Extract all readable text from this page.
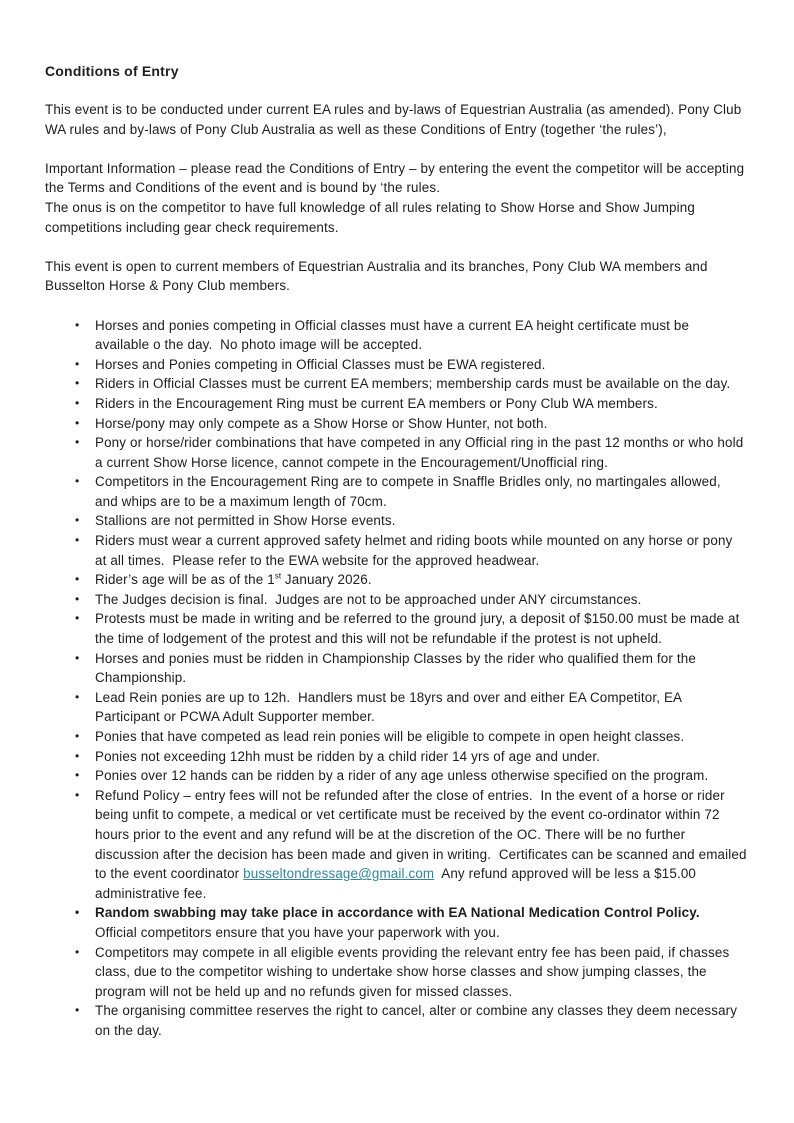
Conditions of Entry

This event is to be conducted under current EA rules and by-laws of Equestrian Australia (as amended). Pony Club WA rules and by-laws of Pony Club Australia as well as these Conditions of Entry (together ‘the rules’),

Important Information – please read the Conditions of Entry – by entering the event the competitor will be accepting the Terms and Conditions of the event and is bound by ‘the rules.
The onus is on the competitor to have full knowledge of all rules relating to Show Horse and Show Jumping competitions including gear check requirements.

This event is open to current members of Equestrian Australia and its branches, Pony Club WA members and Busselton Horse & Pony Club members.

• Horses and ponies competing in Official classes must have a current EA height certificate must be available o the day.  No photo image will be accepted.
• Horses and Ponies competing in Official Classes must be EWA registered.
• Riders in Official Classes must be current EA members; membership cards must be available on the day.
• Riders in the Encouragement Ring must be current EA members or Pony Club WA members.
• Horse/pony may only compete as a Show Horse or Show Hunter, not both.
• Pony or horse/rider combinations that have competed in any Official ring in the past 12 months or who hold a current Show Horse licence, cannot compete in the Encouragement/Unofficial ring.
• Competitors in the Encouragement Ring are to compete in Snaffle Bridles only, no martingales allowed, and whips are to be a maximum length of 70cm.
• Stallions are not permitted in Show Horse events.
• Riders must wear a current approved safety helmet and riding boots while mounted on any horse or pony at all times.  Please refer to the EWA website for the approved headwear.
• Rider’s age will be as of the 1st January 2026.
• The Judges decision is final.  Judges are not to be approached under ANY circumstances.
• Protests must be made in writing and be referred to the ground jury, a deposit of $150.00 must be made at the time of lodgement of the protest and this will not be refundable if the protest is not upheld.
• Horses and ponies must be ridden in Championship Classes by the rider who qualified them for the Championship.
• Lead Rein ponies are up to 12h.  Handlers must be 18yrs and over and either EA Competitor, EA Participant or PCWA Adult Supporter member.
• Ponies that have competed as lead rein ponies will be eligible to compete in open height classes.
• Ponies not exceeding 12hh must be ridden by a child rider 14 yrs of age and under.
• Ponies over 12 hands can be ridden by a rider of any age unless otherwise specified on the program.
• Refund Policy – entry fees will not be refunded after the close of entries.  In the event of a horse or rider being unfit to compete, a medical or vet certificate must be received by the event co-ordinator within 72 hours prior to the event and any refund will be at the discretion of the OC. There will be no further discussion after the decision has been made and given in writing.  Certificates can be scanned and emailed to the event coordinator busseltondressage@gmail.com  Any refund approved will be less a $15.00 administrative fee.
• Random swabbing may take place in accordance with EA National Medication Control Policy.
Official competitors ensure that you have your paperwork with you.
• Competitors may compete in all eligible events providing the relevant entry fee has been paid, if chasses class, due to the competitor wishing to undertake show horse classes and show jumping classes, the program will not be held up and no refunds given for missed classes.
• The organising committee reserves the right to cancel, alter or combine any classes they deem necessary on the day.
